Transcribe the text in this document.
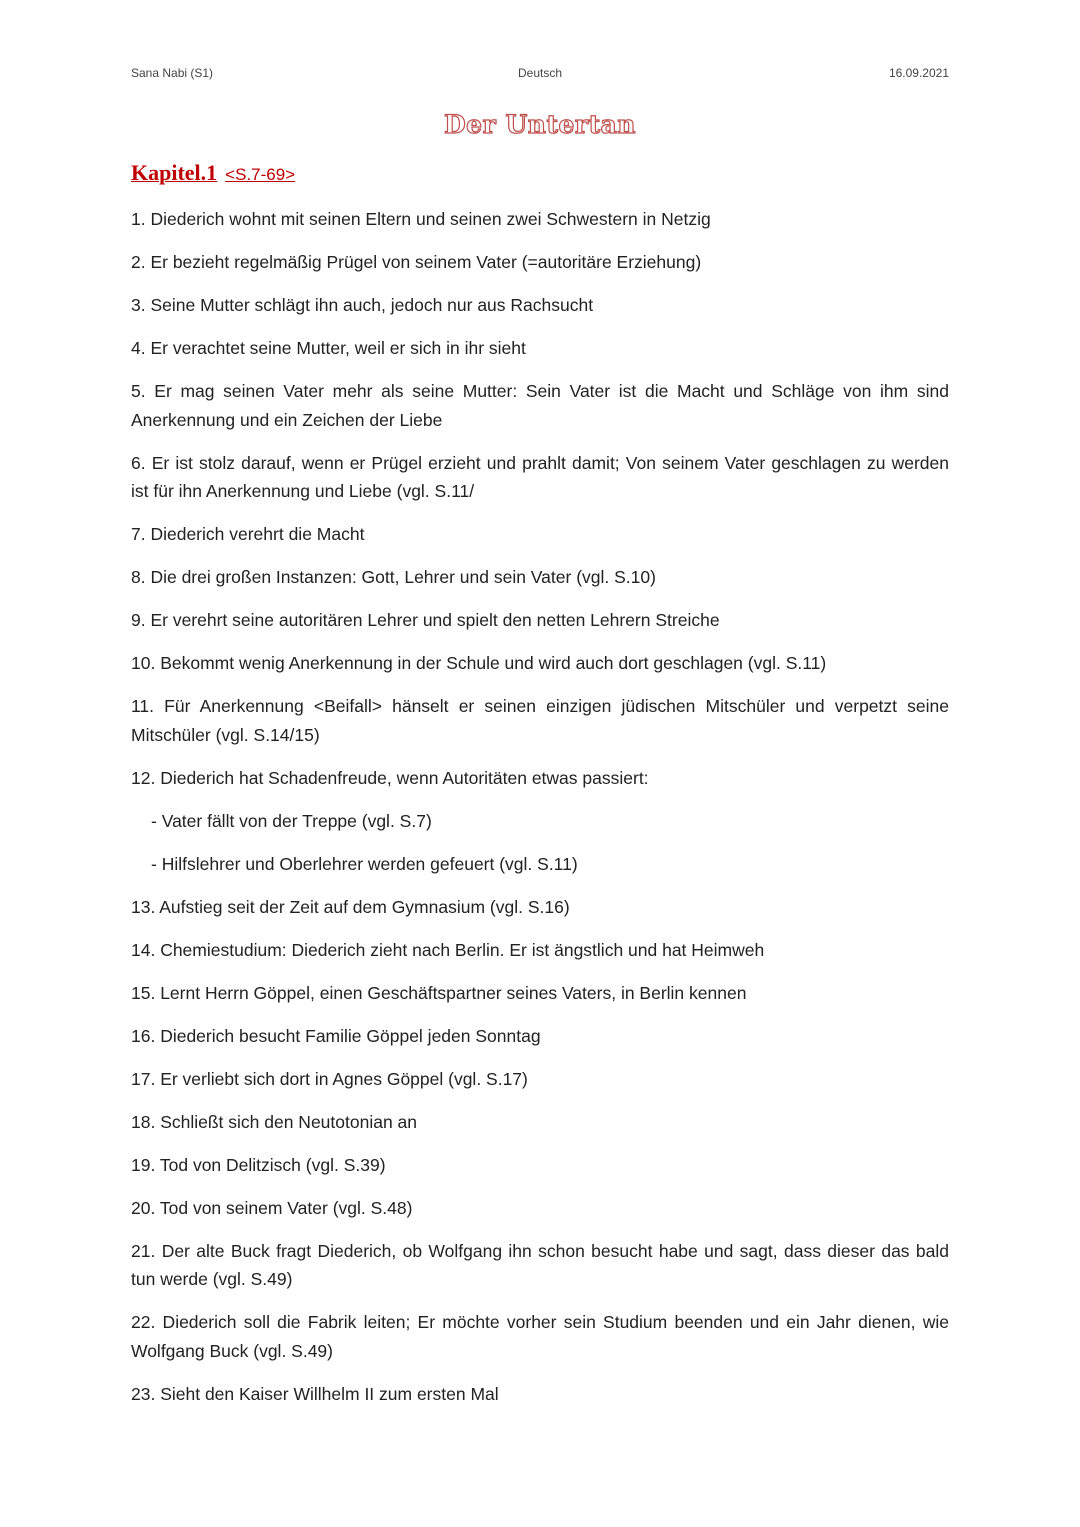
Sana Nabi (S1)	Deutsch	16.09.2021
Der Untertan
Kapitel.1 <S.7-69>
1. Diederich wohnt mit seinen Eltern und seinen zwei Schwestern in Netzig
2. Er bezieht regelmäßig Prügel von seinem Vater (=autoritäre Erziehung)
3. Seine Mutter schlägt ihn auch, jedoch nur aus Rachsucht
4. Er verachtet seine Mutter, weil er sich in ihr sieht
5. Er mag seinen Vater mehr als seine Mutter: Sein Vater ist die Macht und Schläge von ihm sind Anerkennung und ein Zeichen der Liebe
6. Er ist stolz darauf, wenn er Prügel erzieht und prahlt damit; Von seinem Vater geschlagen zu werden ist für ihn Anerkennung und Liebe (vgl. S.11/
7. Diederich verehrt die Macht
8. Die drei großen Instanzen: Gott, Lehrer und sein Vater (vgl. S.10)
9. Er verehrt seine autoritären Lehrer und spielt den netten Lehrern Streiche
10. Bekommt wenig Anerkennung in der Schule und wird auch dort geschlagen (vgl. S.11)
11. Für Anerkennung <Beifall> hänselt er seinen einzigen jüdischen Mitschüler und verpetzt seine Mitschüler (vgl. S.14/15)
12. Diederich hat Schadenfreude, wenn Autoritäten etwas passiert:
- Vater fällt von der Treppe (vgl. S.7)
- Hilfslehrer und Oberlehrer werden gefeuert (vgl. S.11)
13. Aufstieg seit der Zeit auf dem Gymnasium (vgl. S.16)
14. Chemiestudium: Diederich zieht nach Berlin. Er ist ängstlich und hat Heimweh
15. Lernt Herrn Göppel, einen Geschäftspartner seines Vaters, in Berlin kennen
16. Diederich besucht Familie Göppel jeden Sonntag
17. Er verliebt sich dort in Agnes Göppel (vgl. S.17)
18. Schließt sich den Neutotonian an
19. Tod von Delitzisch (vgl. S.39)
20. Tod von seinem Vater (vgl. S.48)
21. Der alte Buck fragt Diederich, ob Wolfgang ihn schon besucht habe und sagt, dass dieser das bald tun werde (vgl. S.49)
22. Diederich soll die Fabrik leiten; Er möchte vorher sein Studium beenden und ein Jahr dienen, wie Wolfgang Buck (vgl. S.49)
23. Sieht den Kaiser Willhelm II zum ersten Mal
